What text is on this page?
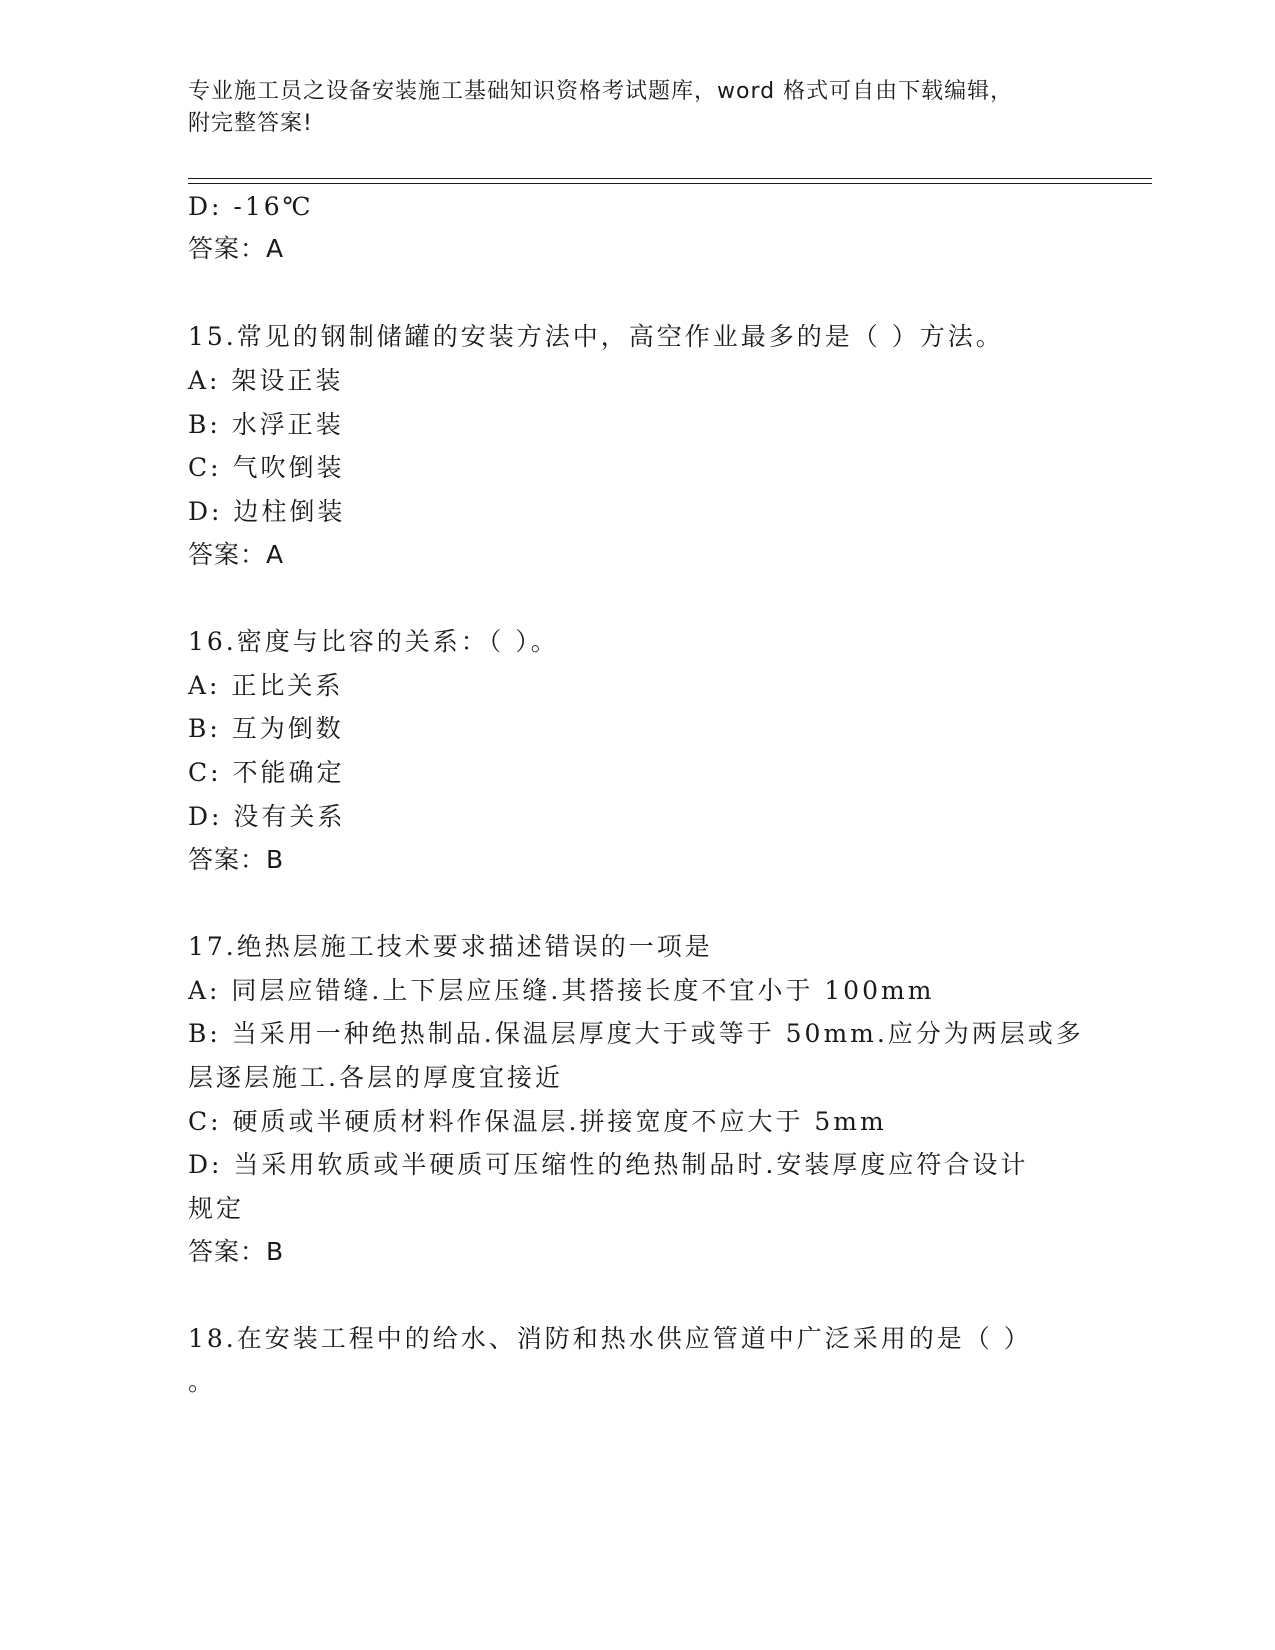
专业施工员之设备安装施工基础知识资格考试题库，word 格式可自由下载编辑，
附完整答案!
D: -16℃
答案：A
15.常见的钢制储罐的安装方法中，高空作业最多的是（ ）方法。
A: 架设正装
B: 水浮正装
C: 气吹倒装
D: 边柱倒装
答案：A
16.密度与比容的关系：（ ）。
A: 正比关系
B: 互为倒数
C: 不能确定
D: 没有关系
答案：B
17.绝热层施工技术要求描述错误的一项是
A: 同层应错缝.上下层应压缝.其搭接长度不宜小于 100mm
B: 当采用一种绝热制品.保温层厚度大于或等于 50mm.应分为两层或多
层逐层施工.各层的厚度宜接近
C: 硬质或半硬质材料作保温层.拼接宽度不应大于 5mm
D: 当采用软质或半硬质可压缩性的绝热制品时.安装厚度应符合设计
规定
答案：B
18.在安装工程中的给水、消防和热水供应管道中广泛采用的是（ ）
。
